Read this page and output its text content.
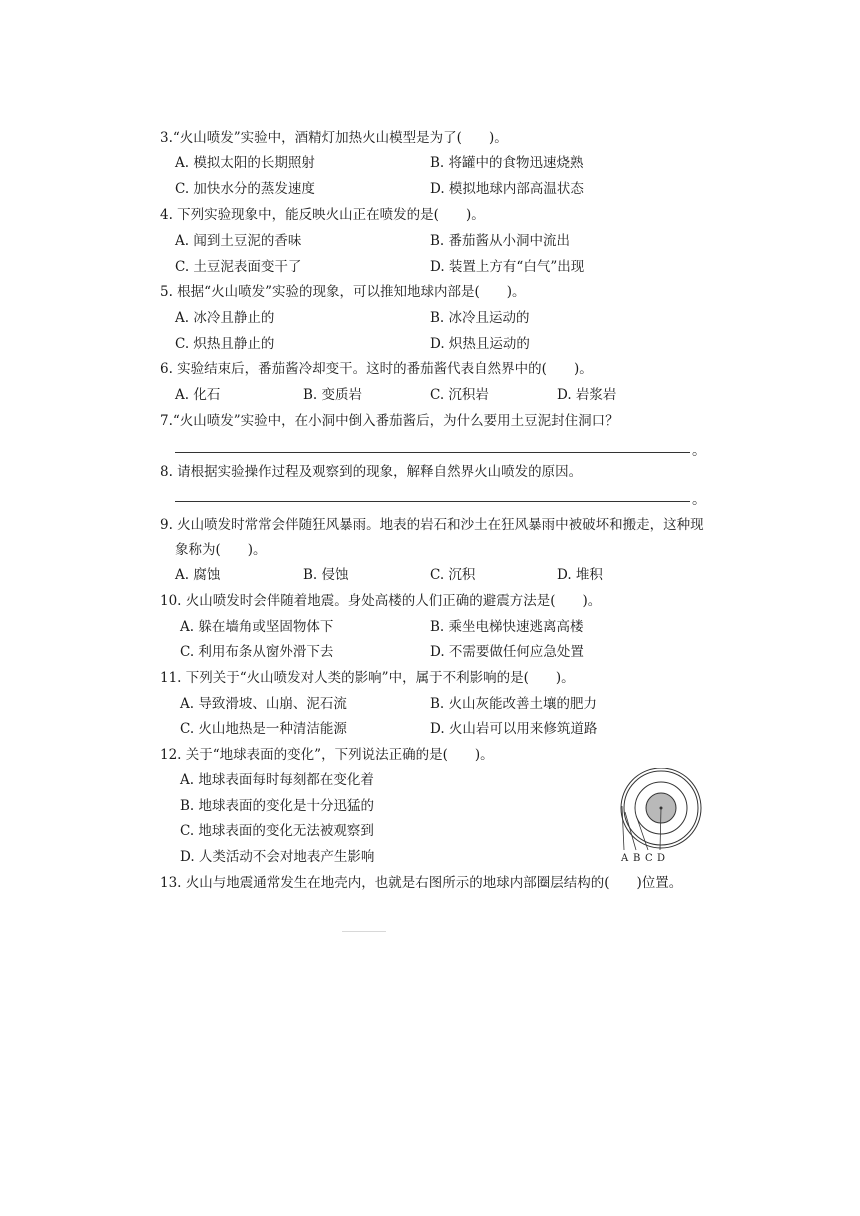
3.“火山喷发”实验中，酒精灯加热火山模型是为了(　　)。
A. 模拟太阳的长期照射	B. 将罐中的食物迅速烧熟
C. 加快水分的蒸发速度	D. 模拟地球内部高温状态
4. 下列实验现象中，能反映火山正在喷发的是(　　)。
A. 闻到土豆泥的香味	B. 番茄酱从小洞中流出
C. 土豆泥表面变干了	D. 装置上方有“白气”出现
5. 根据“火山喷发”实验的现象，可以推知地球内部是(　　)。
A. 冰冷且静止的	B. 冰冷且运动的
C. 炽热且静止的	D. 炽热且运动的
6. 实验结束后，番茄酱冷却变干。这时的番茄酱代表自然界中的(　　)。
A. 化石	B. 变质岩	C. 沉积岩	D. 岩浆岩
7.“火山喷发”实验中，在小洞中倒入番茄酱后，为什么要用土豆泥封住洞口？
。
8. 请根据实验操作过程及观察到的现象，解释自然界火山喷发的原因。
。
9. 火山喷发时常常会伴随狂风暴雨。地表的岩石和沙土在狂风暴雨中被破坏和搬走，这种现
象称为(　　)。
A. 腐蚀	B. 侵蚀	C. 沉积	D. 堆积
10. 火山喷发时会伴随着地震。身处高楼的人们正确的避震方法是(　　)。
A. 躲在墙角或坚固物体下	B. 乘坐电梯快速逃离高楼
C. 利用布条从窗外滑下去	D. 不需要做任何应急处置
11. 下列关于“火山喷发对人类的影响”中，属于不利影响的是(　　)。
A. 导致滑坡、山崩、泥石流	B. 火山灰能改善土壤的肥力
C. 火山地热是一种清洁能源	D. 火山岩可以用来修筑道路
12. 关于“地球表面的变化”，下列说法正确的是(　　)。
A. 地球表面每时每刻都在变化着
B. 地球表面的变化是十分迅猛的
C. 地球表面的变化无法被观察到
D. 人类活动不会对地表产生影响	A B C D
13. 火山与地震通常发生在地壳内，也就是右图所示的地球内部圈层结构的(　　)位置。
